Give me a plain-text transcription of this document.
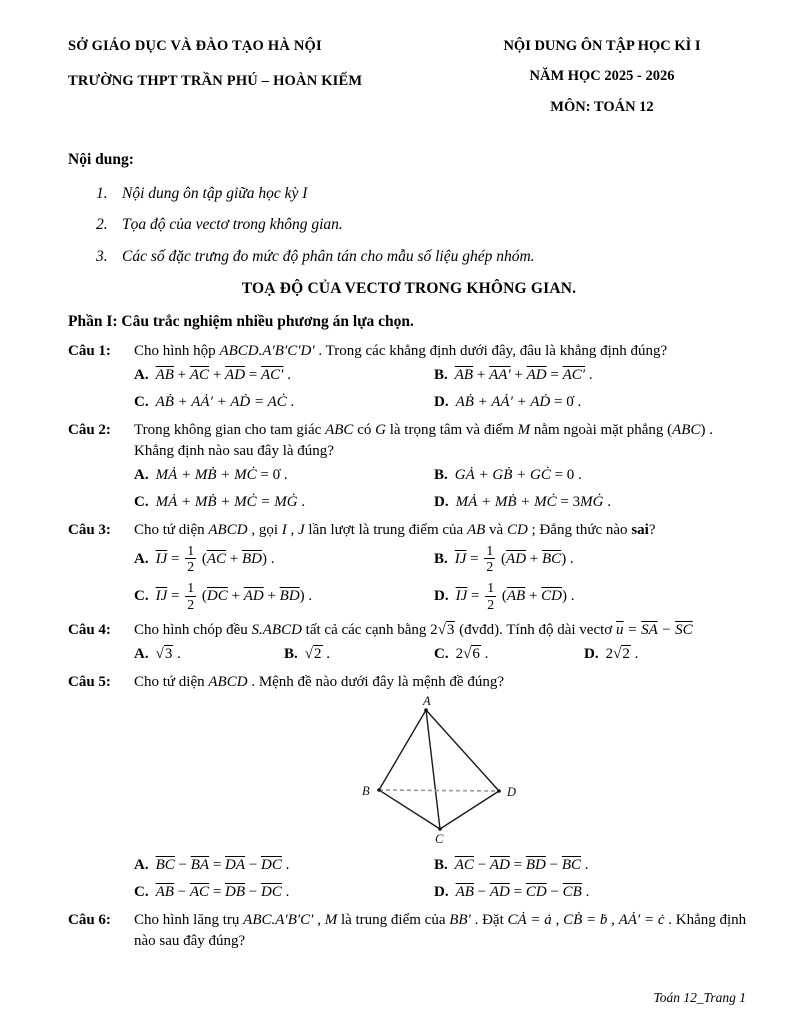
SỞ GIÁO DỤC VÀ ĐÀO TẠO HÀ NỘI
TRƯỜNG THPT TRẦN PHÚ – HOÀN KIẾM
NỘI DUNG ÔN TẬP HỌC KÌ I
NĂM HỌC 2025 - 2026
MÔN: TOÁN 12
Nội dung:
1. Nội dung ôn tập giữa học kỳ I
2. Tọa độ của vectơ trong không gian.
3. Các số đặc trưng đo mức độ phân tán cho mẫu số liệu ghép nhóm.
TOẠ ĐỘ CỦA VECTƠ TRONG KHÔNG GIAN.
Phần I: Câu trắc nghiệm nhiều phương án lựa chọn.
Câu 1:	Cho hình hộp ABCD.A′B′C′D′ . Trong các khẳng định dưới đây, đâu là khẳng định đúng?
A. $\overline{AB} + \overline{AC} + \overline{AD} = AC'$ .	B. $\overline{AB} + AA' + \overline{AD} = AC'$ .
C. AḂ + AȦ′ + AḊ = AĊ .	D. AḂ + AȦ′ + AḊ = 0̇ .
Câu 2:	Trong không gian cho tam giác ABC có G là trọng tâm và điểm M nằm ngoài mặt phẳng (ABC) . Khẳng định nào sau đây là đúng?
A. MȦ + MḂ + MĊ = 0̇ .	B. GȦ + GḂ + GĊ = 0 .
C. MȦ + MḂ + MĊ = MĠ .	D. MȦ + MḂ + MĊ = 3MĠ .
Câu 3:	Cho tứ diện ABCD , gọi I , J lần lượt là trung điểm của AB và CD ; Đẳng thức nào sai?
A. $\overline{IJ} = \frac{1}{2} (\overline{AC} + \overline{BD})$ .	B. $\overline{IJ} = \frac{1}{2} (\overline{AD} + \overline{BC})$ .
C. $\overline{IJ} = \frac{1}{2} (\overline{DC} + \overline{AD} + \overline{BD})$ .	D. $\overline{IJ} = \frac{1}{2} (\overline{AB} + \overline{CD})$ .
Câu 4:	Cho hình chóp đều S.ABCD tất cả các cạnh bằng 2√3 (đvđd). Tính độ dài vectơ $\overline{u} = \overline{SA} - \overline{SC}$
A. √3 .	B. √2 .	C. 2√6 .	D. 2√2 .
Câu 5:	Cho tứ diện ABCD . Mệnh đề nào dưới đây là mệnh đề đúng?
A
B
C
D
A. $\overline{BC} - \overline{BA} = \overline{DA} - \overline{DC}$ .	B. $\overline{AC} - \overline{AD} = \overline{BD} - \overline{BC}$ .
C. $\overline{AB} - \overline{AC} = \overline{DB} - \overline{DC}$ .	D. $\overline{AB} - \overline{AD} = \overline{CD} - \overline{CB}$ .
Câu 6:	Cho hình lăng trụ ABC.A′B′C′ , M là trung điểm của BB′ . Đặt CȦ = ȧ , CḂ = ḃ , AȦ′ = ċ . Khẳng định nào sau đây đúng?
Toán 12_Trang 1
